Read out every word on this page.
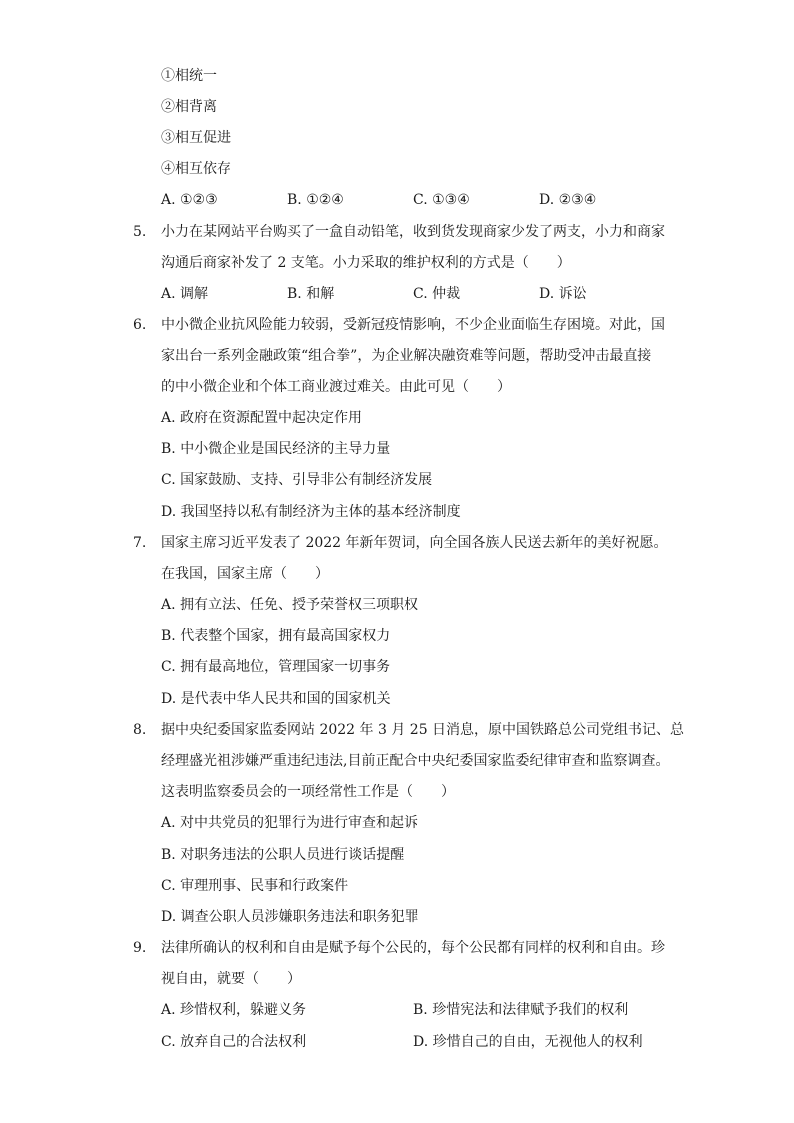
①相统一
②相背离
③相互促进
④相互依存
A. ①②③	B. ①②④	C. ①③④	D. ②③④
5.	小力在某网站平台购买了一盒自动铅笔，收到货发现商家少发了两支，小力和商家
沟通后商家补发了 2 支笔。小力采取的维护权利的方式是（　　）
A. 调解	B. 和解	C. 仲裁	D. 诉讼
6.	中小微企业抗风险能力较弱，受新冠疫情影响，不少企业面临生存困境。对此，国
家出台一系列金融政策“组合拳”，为企业解决融资难等问题，帮助受冲击最直接
的中小微企业和个体工商业渡过难关。由此可见（　　）
A. 政府在资源配置中起决定作用
B. 中小微企业是国民经济的主导力量
C. 国家鼓励、支持、引导非公有制经济发展
D. 我国坚持以私有制经济为主体的基本经济制度
7.	国家主席习近平发表了 2022 年新年贺词，向全国各族人民送去新年的美好祝愿。
在我国，国家主席（　　）
A. 拥有立法、任免、授予荣誉权三项职权
B. 代表整个国家，拥有最高国家权力
C. 拥有最高地位，管理国家一切事务
D. 是代表中华人民共和国的国家机关
8.	据中央纪委国家监委网站 2022 年 3 月 25 日消息，原中国铁路总公司党组书记、总
经理盛光祖涉嫌严重违纪违法,目前正配合中央纪委国家监委纪律审查和监察调查。
这表明监察委员会的一项经常性工作是（　　）
A. 对中共党员的犯罪行为进行审查和起诉
B. 对职务违法的公职人员进行谈话提醒
C. 审理刑事、民事和行政案件
D. 调查公职人员涉嫌职务违法和职务犯罪
9.	法律所确认的权利和自由是赋予每个公民的，每个公民都有同样的权利和自由。珍
视自由，就要（　　）
A. 珍惜权利，躲避义务	B. 珍惜宪法和法律赋予我们的权利
C. 放弃自己的合法权利	D. 珍惜自己的自由，无视他人的权利
